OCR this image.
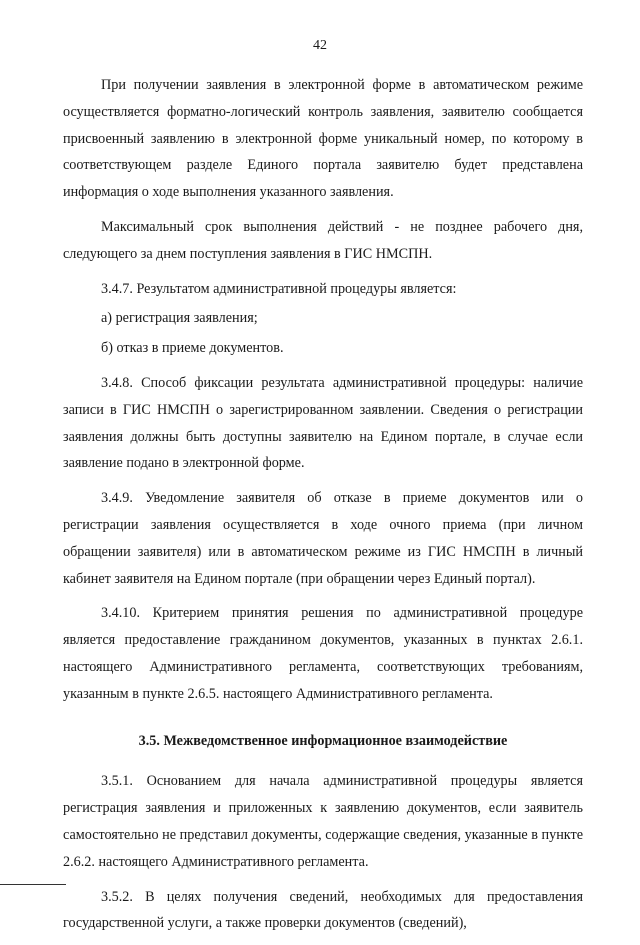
42

При получении заявления в электронной форме в автоматическом режиме осуществляется форматно-логический контроль заявления, заявителю сообщается присвоенный заявлению в электронной форме уникальный номер, по которому в соответствующем разделе Единого портала заявителю будет представлена информация о ходе выполнения указанного заявления.

Максимальный срок выполнения действий - не позднее рабочего дня, следующего за днем поступления заявления в ГИС НМСПН.

3.4.7. Результатом административной процедуры является:

а) регистрация заявления;

б) отказ в приеме документов.

3.4.8. Способ фиксации результата административной процедуры: наличие записи в ГИС НМСПН о зарегистрированном заявлении. Сведения о регистрации заявления должны быть доступны заявителю на Едином портале, в случае если заявление подано в электронной форме.

3.4.9. Уведомление заявителя об отказе в приеме документов или о регистрации заявления осуществляется в ходе очного приема (при личном обращении заявителя) или в автоматическом режиме из ГИС НМСПН в личный кабинет заявителя на Едином портале (при обращении через Единый портал).

3.4.10. Критерием принятия решения по административной процедуре является предоставление гражданином документов, указанных в пунктах 2.6.1. настоящего Административного регламента, соответствующих требованиям, указанным в пункте 2.6.5. настоящего Административного регламента.

3.5. Межведомственное информационное взаимодействие

3.5.1. Основанием для начала административной процедуры является регистрация заявления и приложенных к заявлению документов, если заявитель самостоятельно не представил документы, содержащие сведения, указанные в пункте 2.6.2. настоящего Административного регламента.

3.5.2. В целях получения сведений, необходимых для предоставления государственной услуги, а также проверки документов (сведений),
